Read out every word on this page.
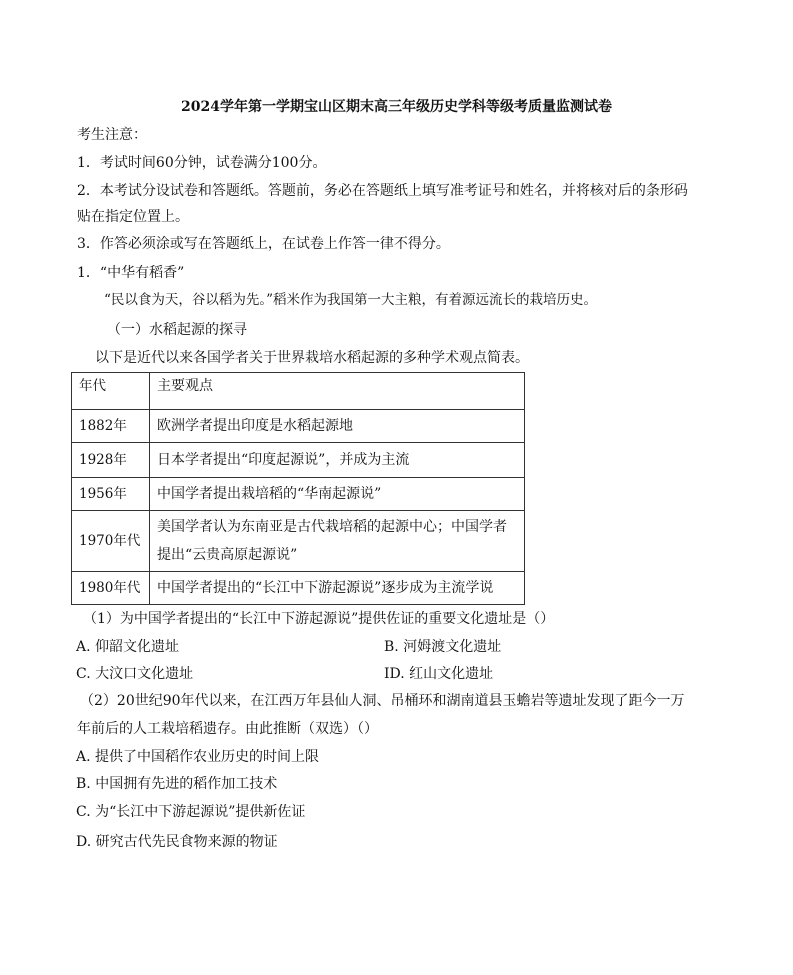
2024学年第一学期宝山区期末高三年级历史学科等级考质量监测试卷
考生注意：
1．考试时间60分钟，试卷满分100分。
2．本考试分设试卷和答题纸。答题前，务必在答题纸上填写准考证号和姓名，并将核对后的条形码
贴在指定位置上。
3．作答必须涂或写在答题纸上，在试卷上作答一律不得分。
1．“中华有稻香”
“民以食为天，谷以稻为先。”稻米作为我国第一大主粮，有着源远流长的栽培历史。
（一）水稻起源的探寻
以下是近代以来各国学者关于世界栽培水稻起源的多种学术观点简表。
年代	主要观点
1882年	欧洲学者提出印度是水稻起源地
1928年	日本学者提出“印度起源说”，并成为主流
1956年	中国学者提出栽培稻的“华南起源说”
1970年代	美国学者认为东南亚是古代栽培稻的起源中心；中国学者
提出“云贵高原起源说”

1980年代	中国学者提出的“长江中下游起源说”逐步成为主流学说
（1）为中国学者提出的“长江中下游起源说”提供佐证的重要文化遗址是（）
A. 仰韶文化遗址	B. 河姆渡文化遗址
C. 大汶口文化遗址	ID. 红山文化遗址
（2）20世纪90年代以来，在江西万年县仙人洞、吊桶环和湖南道县玉蟾岩等遗址发现了距今一万
年前后的人工栽培稻遗存。由此推断（双选）（）
A. 提供了中国稻作农业历史的时间上限
B. 中国拥有先进的稻作加工技术
C. 为“长江中下游起源说”提供新佐证
D. 研究古代先民食物来源的物证
